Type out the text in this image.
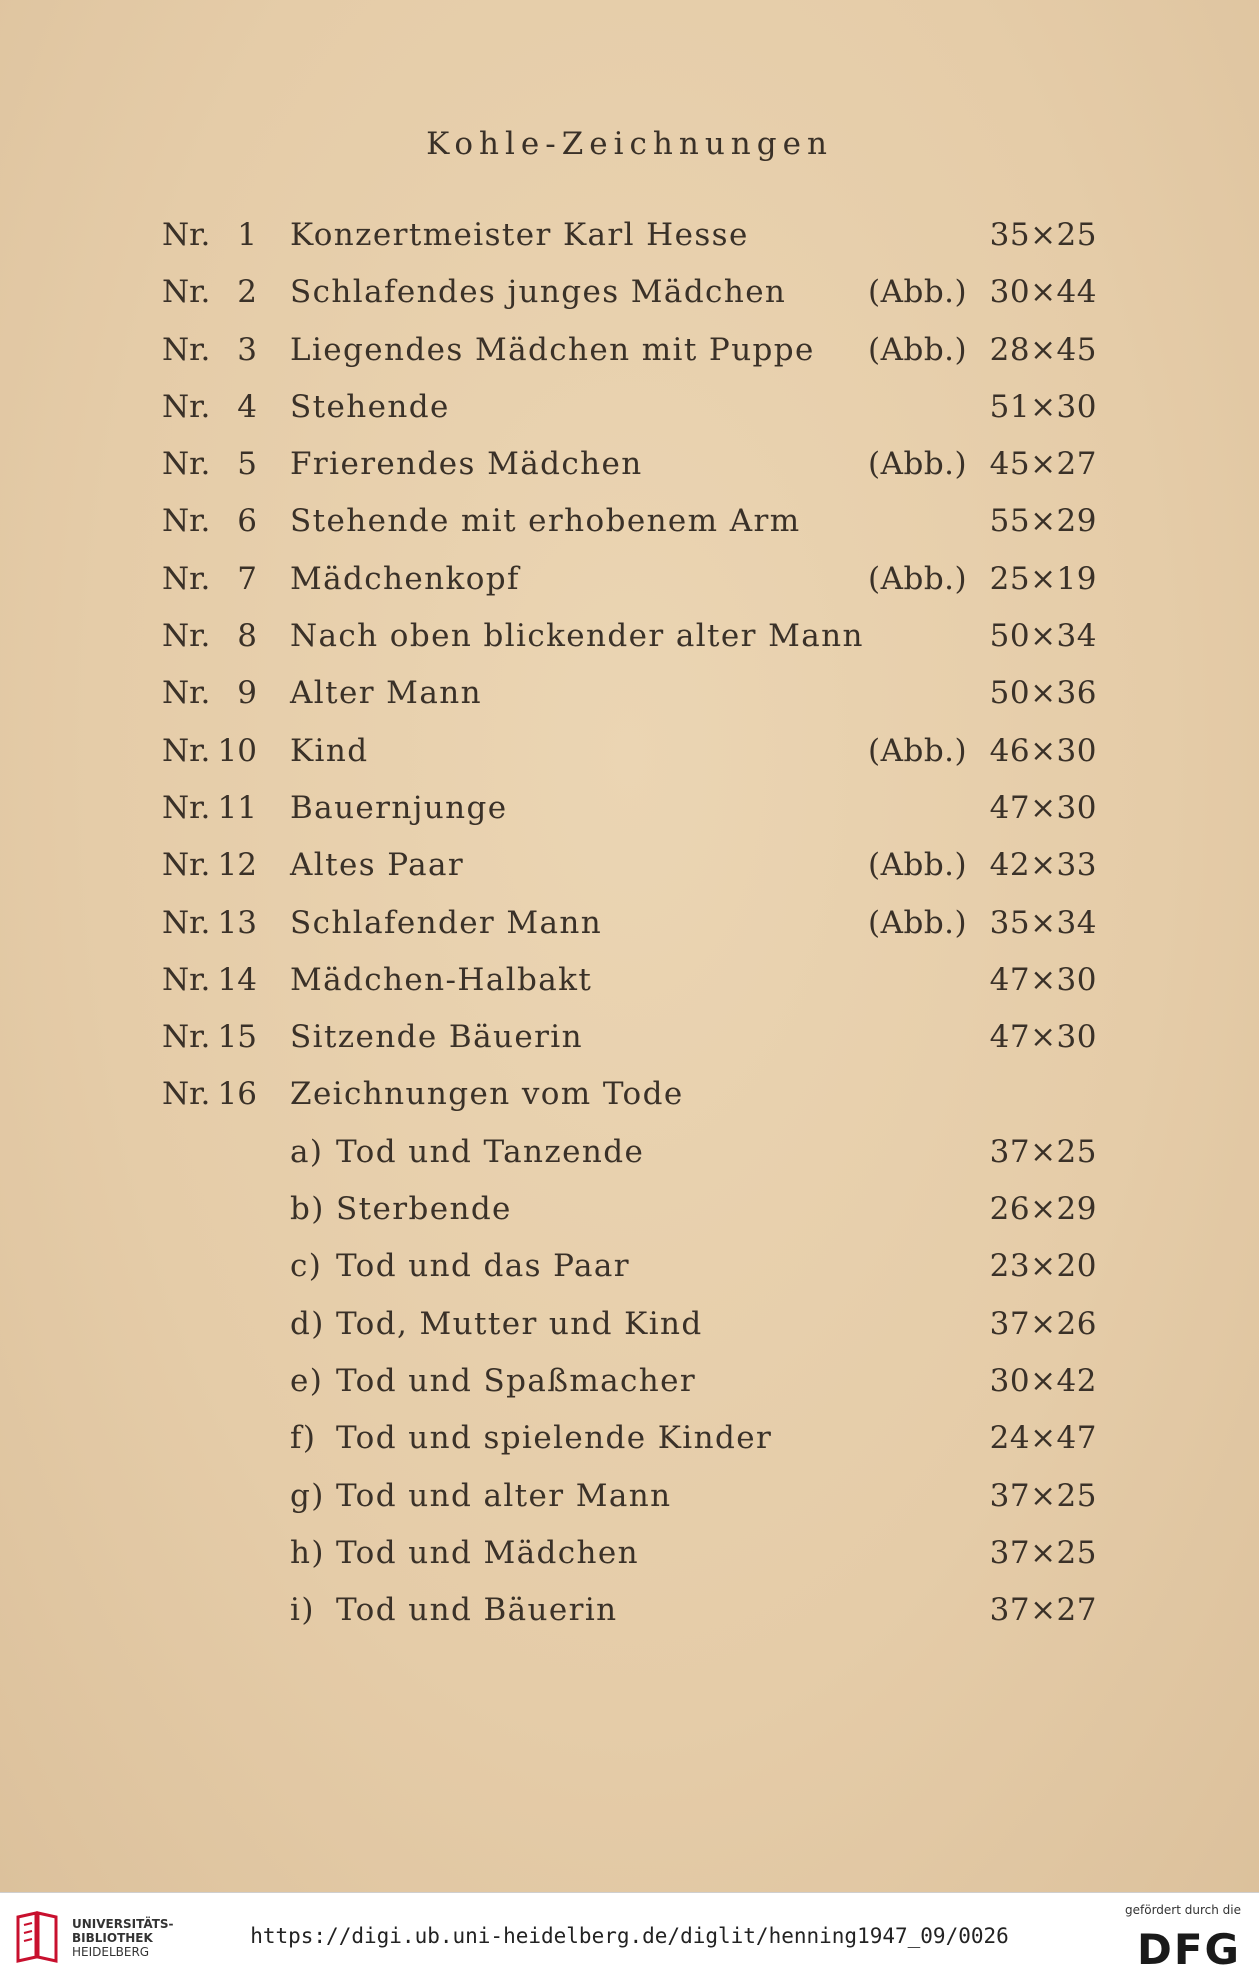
Kohle-Zeichnungen
Nr. 1 Konzertmeister Karl Hesse	35×25
Nr. 2 Schlafendes junges Mädchen	(Abb.) 30×44
Nr. 3 Liegendes Mädchen mit Puppe (Abb.) 28×45
Nr. 4 Stehende	51×30
Nr. 5 Frierendes Mädchen	(Abb.) 45×27
Nr. 6 Stehende mit erhobenem Arm	55×29
Nr. 7 Mädchenkopf	(Abb.) 25×19
Nr. 8 Nach oben blickender alter Mann	50×34
Nr. 9 Alter Mann	50×36
Nr. 10 Kind	(Abb.) 46×30
Nr. 11 Bauernjunge	47×30
Nr. 12 Altes Paar	(Abb.) 42×33
Nr. 13 Schlafender Mann	(Abb.) 35×34
Nr. 14 Mädchen-Halbakt	47×30
Nr. 15 Sitzende Bäuerin	47×30
Nr. 16 Zeichnungen vom Tode
a) Tod und Tanzende	37×25
b) Sterbende	26×29
c) Tod und das Paar	23×20
d) Tod, Mutter und Kind	37×26
e) Tod und Spaßmacher	30×42
f) Tod und spielende Kinder	24×47
g) Tod und alter Mann	37×25
h) Tod und Mädchen	37×25
i) Tod und Bäuerin	37×27
UNIVERSITÄTS-
BIBLIOTHEK
HEIDELBERG
https://digi.ub.uni-heidelberg.de/diglit/henning1947_09/0026
gefördert durch die
DFG
